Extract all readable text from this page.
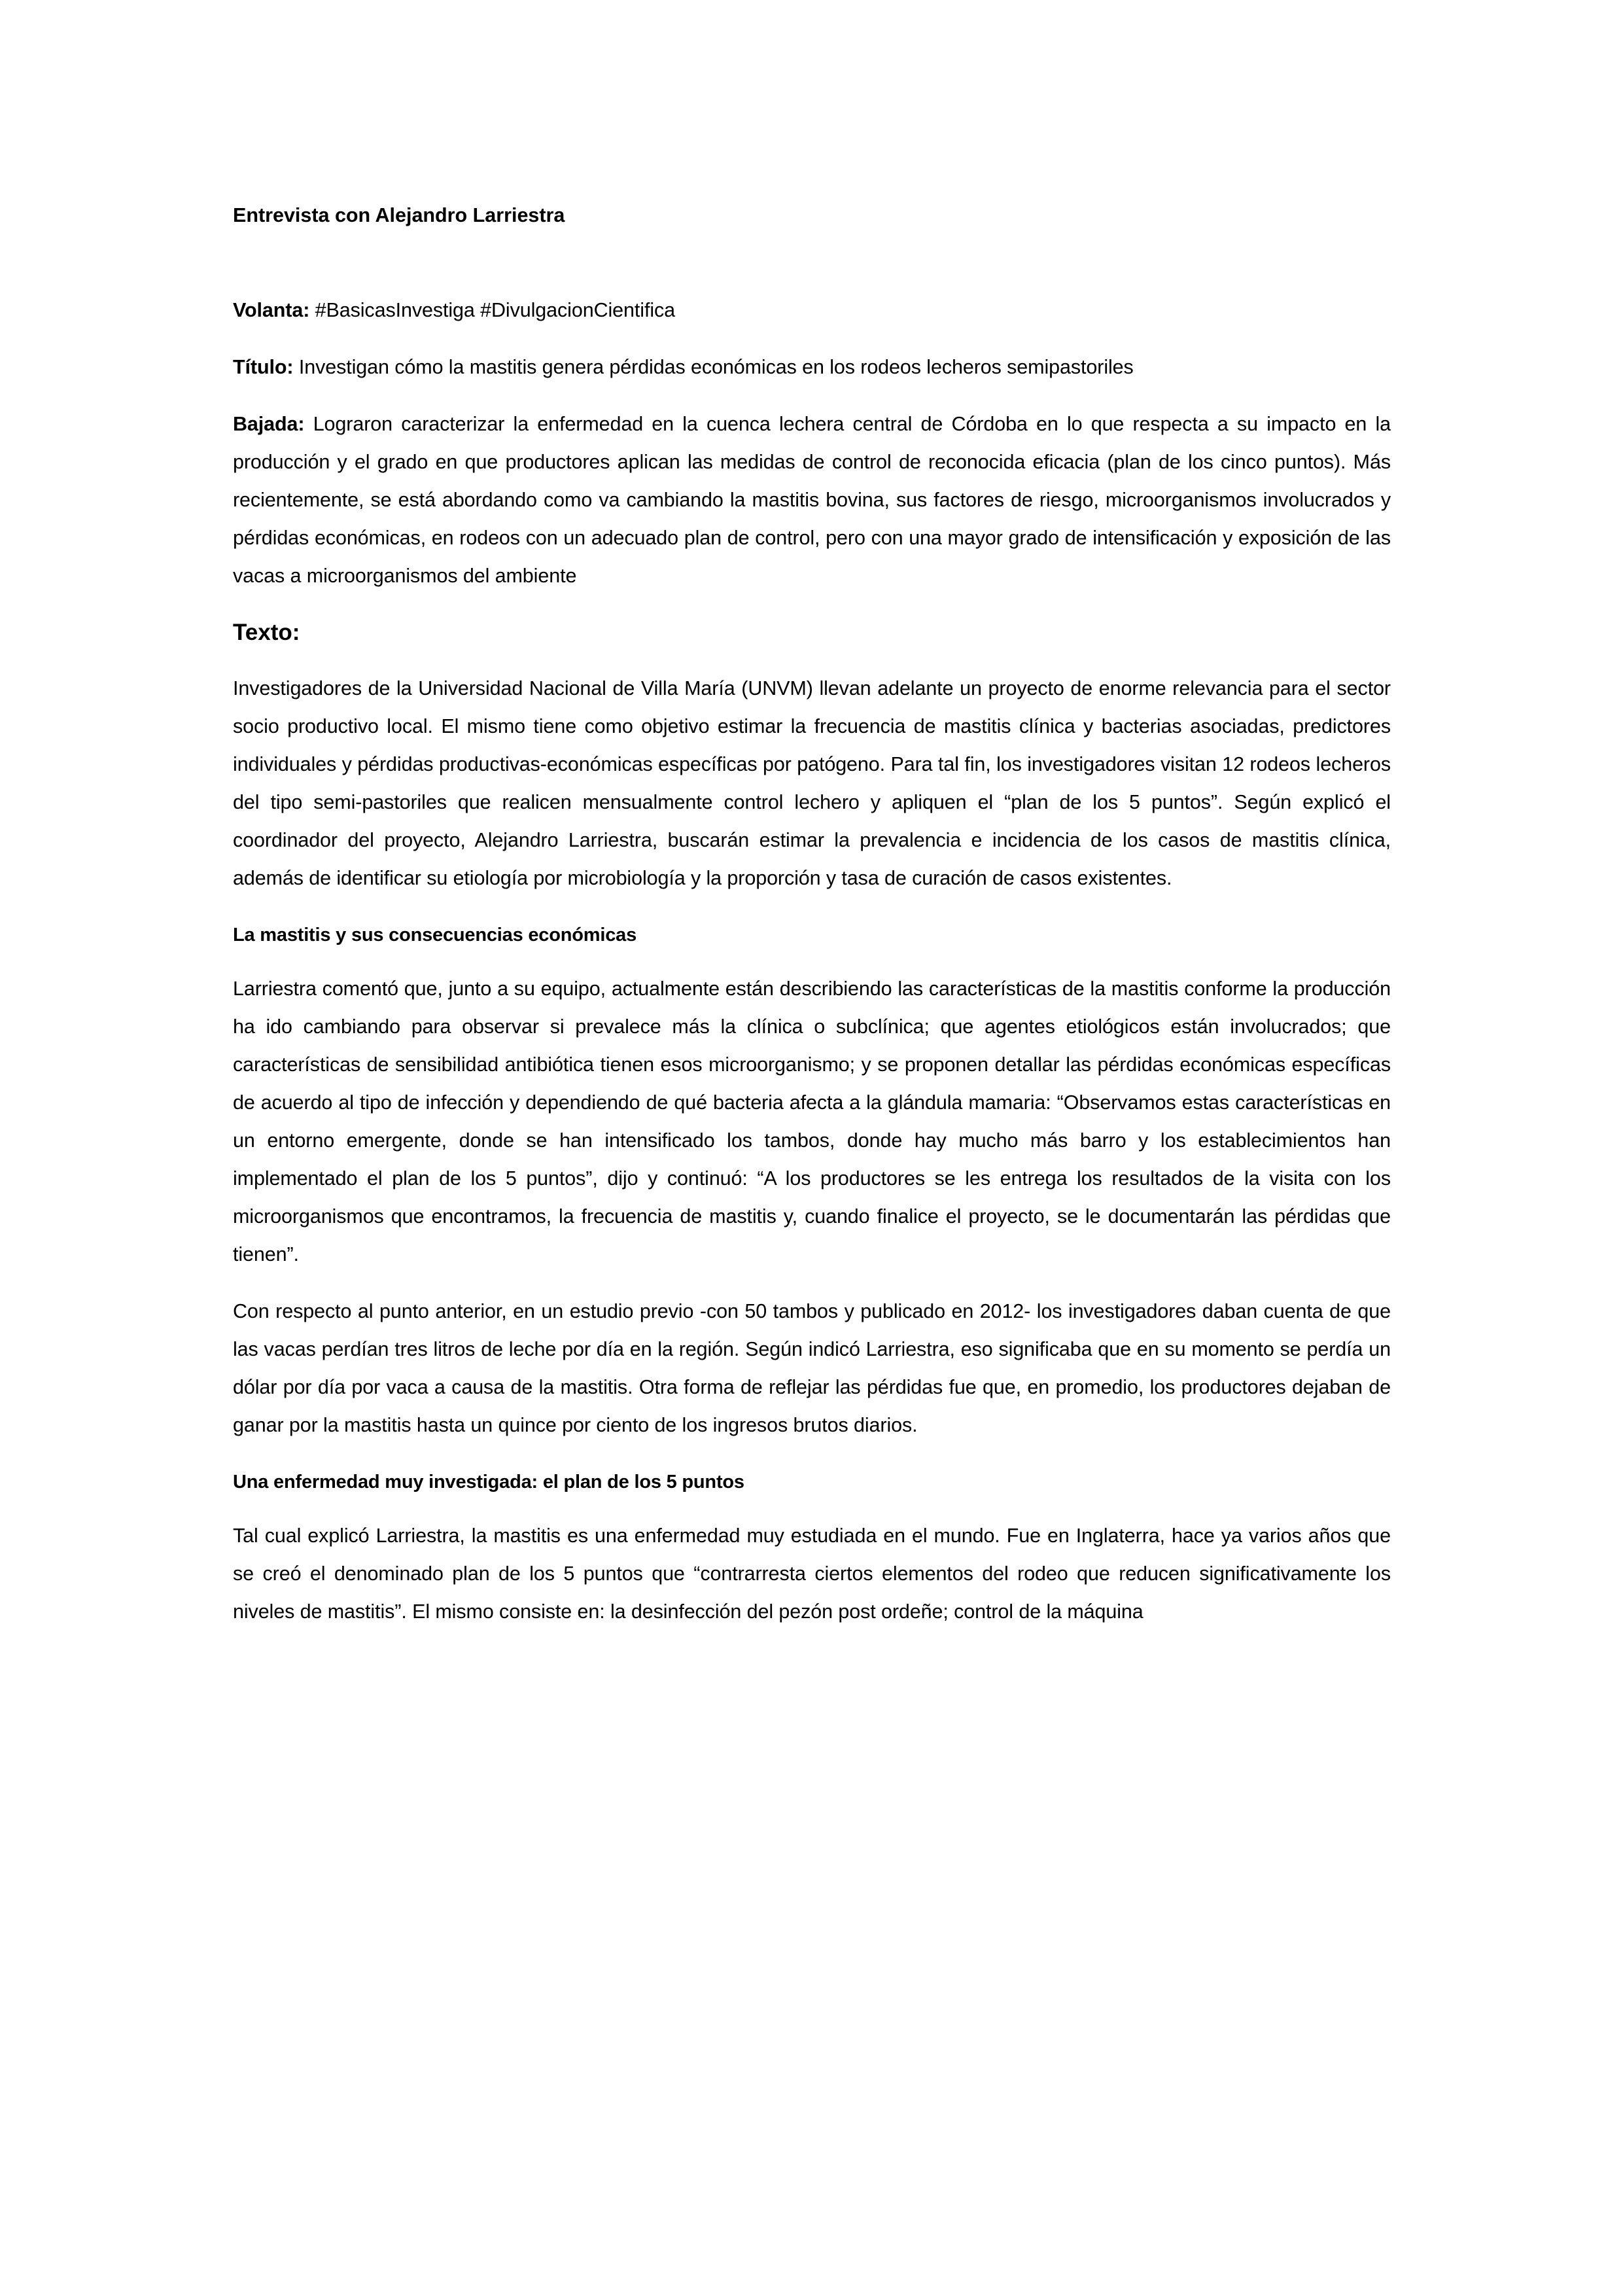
Entrevista con Alejandro Larriestra

Volanta: #BasicasInvestiga #DivulgacionCientifica

Título: Investigan cómo la mastitis genera pérdidas económicas en los rodeos lecheros semipastoriles

Bajada: Lograron caracterizar la enfermedad en la cuenca lechera central de Córdoba en lo que respecta a su impacto en la producción y el grado en que productores aplican las medidas de control de reconocida eficacia (plan de los cinco puntos). Más recientemente, se está abordando como va cambiando la mastitis bovina, sus factores de riesgo, microorganismos involucrados y pérdidas económicas, en rodeos con un adecuado plan de control, pero con una mayor grado de intensificación y exposición de las vacas a microorganismos del ambiente

Texto:

Investigadores de la Universidad Nacional de Villa María (UNVM) llevan adelante un proyecto de enorme relevancia para el sector socio productivo local. El mismo tiene como objetivo estimar la frecuencia de mastitis clínica y bacterias asociadas, predictores individuales y pérdidas productivas-económicas específicas por patógeno. Para tal fin, los investigadores visitan 12 rodeos lecheros del tipo semi-pastoriles que realicen mensualmente control lechero y apliquen el “plan de los 5 puntos”. Según explicó el coordinador del proyecto, Alejandro Larriestra, buscarán estimar la prevalencia e incidencia de los casos de mastitis clínica, además de identificar su etiología por microbiología y la proporción y tasa de curación de casos existentes.

La mastitis y sus consecuencias económicas

Larriestra comentó que, junto a su equipo, actualmente están describiendo las características de la mastitis conforme la producción ha ido cambiando para observar si prevalece más la clínica o subclínica; que agentes etiológicos están involucrados; que características de sensibilidad antibiótica tienen esos microorganismo; y se proponen detallar las pérdidas económicas específicas de acuerdo al tipo de infección y dependiendo de qué bacteria afecta a la glándula mamaria: “Observamos estas características en un entorno emergente, donde se han intensificado los tambos, donde hay mucho más barro y los establecimientos han implementado el plan de los 5 puntos”, dijo y continuó: “A los productores se les entrega los resultados de la visita con los microorganismos que encontramos, la frecuencia de mastitis y, cuando finalice el proyecto, se le documentarán las pérdidas que tienen”.

Con respecto al punto anterior, en un estudio previo -con 50 tambos y publicado en 2012- los investigadores daban cuenta de que las vacas perdían tres litros de leche por día en la región. Según indicó Larriestra, eso significaba que en su momento se perdía un dólar por día por vaca a causa de la mastitis. Otra forma de reflejar las pérdidas fue que, en promedio, los productores dejaban de ganar por la mastitis hasta un quince por ciento de los ingresos brutos diarios.

Una enfermedad muy investigada: el plan de los 5 puntos

Tal cual explicó Larriestra, la mastitis es una enfermedad muy estudiada en el mundo. Fue en Inglaterra, hace ya varios años que se creó el denominado plan de los 5 puntos que “contrarresta ciertos elementos del rodeo que reducen significativamente los niveles de mastitis”. El mismo consiste en: la desinfección del pezón post ordeñe; control de la máquina
